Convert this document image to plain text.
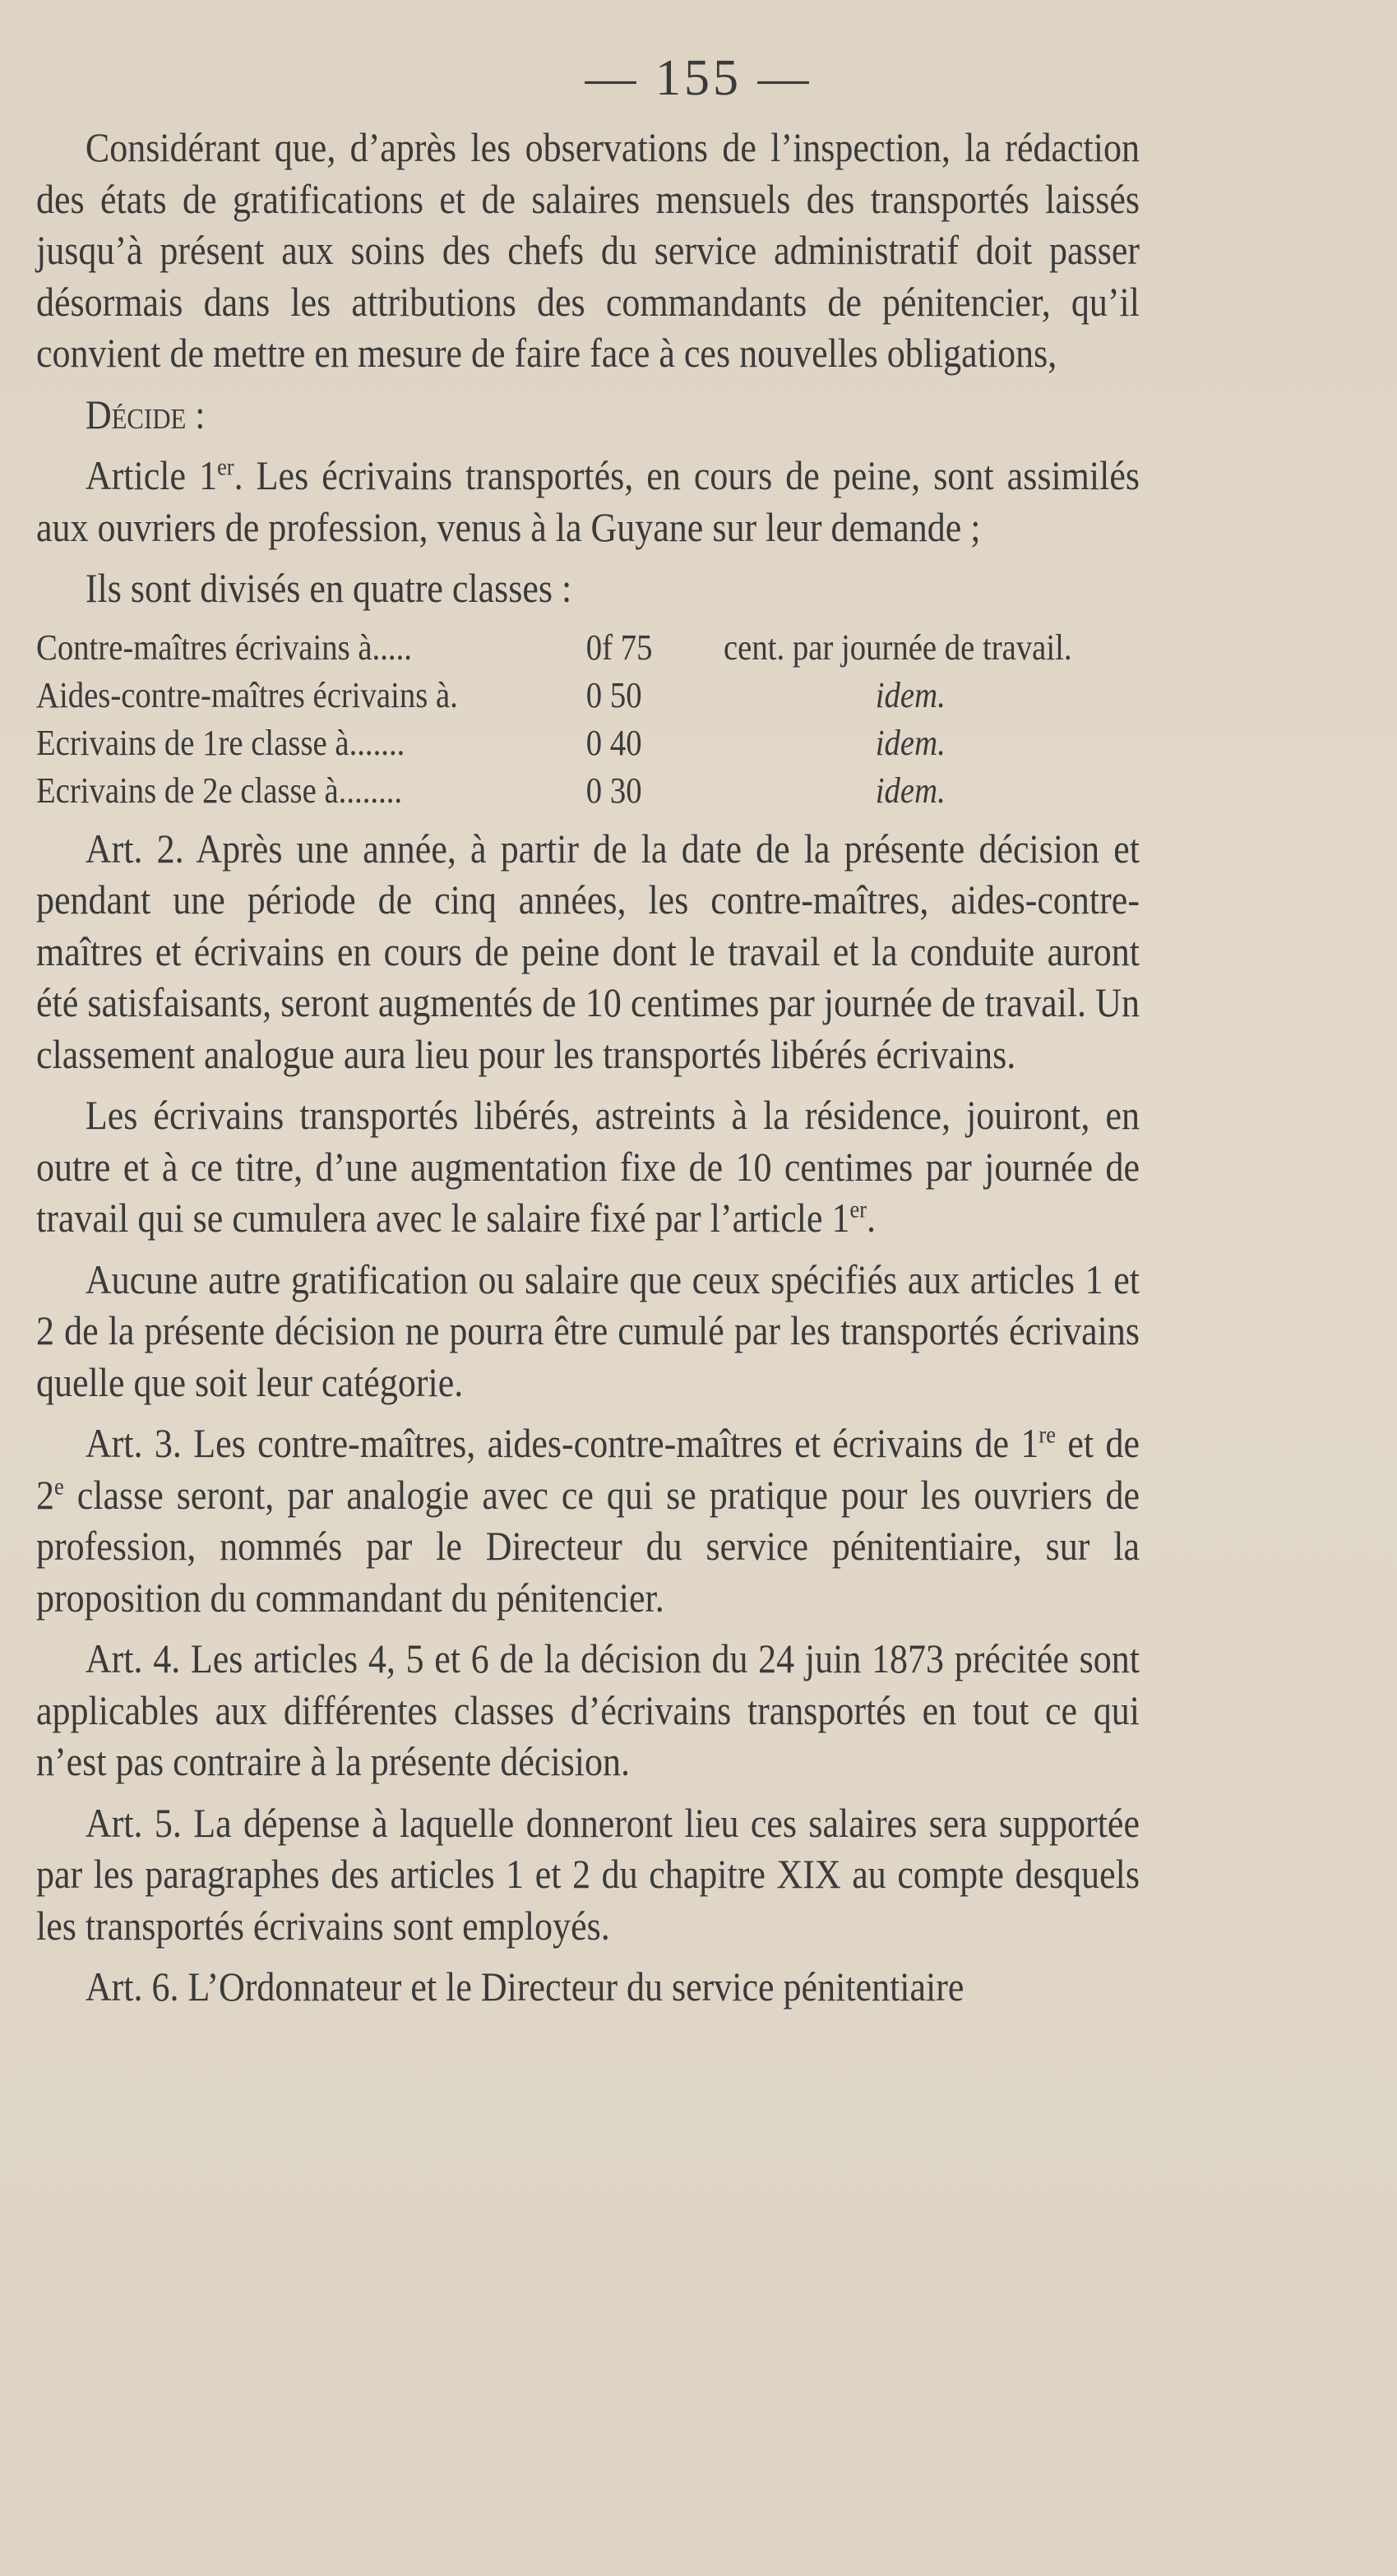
— 155 —

Considérant que, d’après les observations de l’inspection, la rédaction des états de gratifications et de salaires mensuels des transportés laissés jusqu’à présent aux soins des chefs du service administratif doit passer désormais dans les attributions des commandants de pénitencier, qu’il convient de mettre en mesure de faire face à ces nouvelles obligations,

Décide :

Article 1er. Les écrivains transportés, en cours de peine, sont assimilés aux ouvriers de profession, venus à la Guyane sur leur demande ;

Ils sont divisés en quatre classes :

Contre-maîtres écrivains à.....	0f 75	cent. par journée de travail.
Aides-contre-maîtres écrivains à.	0 50	idem.
Ecrivains de 1re classe à.......	0 40	idem.
Ecrivains de 2e classe à........	0 30	idem.

Art. 2. Après une année, à partir de la date de la présente décision et pendant une période de cinq années, les contre-maîtres, aides-contre-maîtres et écrivains en cours de peine dont le travail et la conduite auront été satisfaisants, seront augmentés de 10 centimes par journée de travail. Un classement analogue aura lieu pour les transportés libérés écrivains.

Les écrivains transportés libérés, astreints à la résidence, jouiront, en outre et à ce titre, d’une augmentation fixe de 10 centimes par journée de travail qui se cumulera avec le salaire fixé par l’article 1er.

Aucune autre gratification ou salaire que ceux spécifiés aux articles 1 et 2 de la présente décision ne pourra être cumulé par les transportés écrivains quelle que soit leur catégorie.

Art. 3. Les contre-maîtres, aides-contre-maîtres et écrivains de 1re et de 2e classe seront, par analogie avec ce qui se pratique pour les ouvriers de profession, nommés par le Directeur du service pénitentiaire, sur la proposition du commandant du pénitencier.

Art. 4. Les articles 4, 5 et 6 de la décision du 24 juin 1873 précitée sont applicables aux différentes classes d’écrivains transportés en tout ce qui n’est pas contraire à la présente décision.

Art. 5. La dépense à laquelle donneront lieu ces salaires sera supportée par les paragraphes des articles 1 et 2 du chapitre XIX au compte desquels les transportés écrivains sont employés.

Art. 6. L’Ordonnateur et le Directeur du service pénitentiaire
